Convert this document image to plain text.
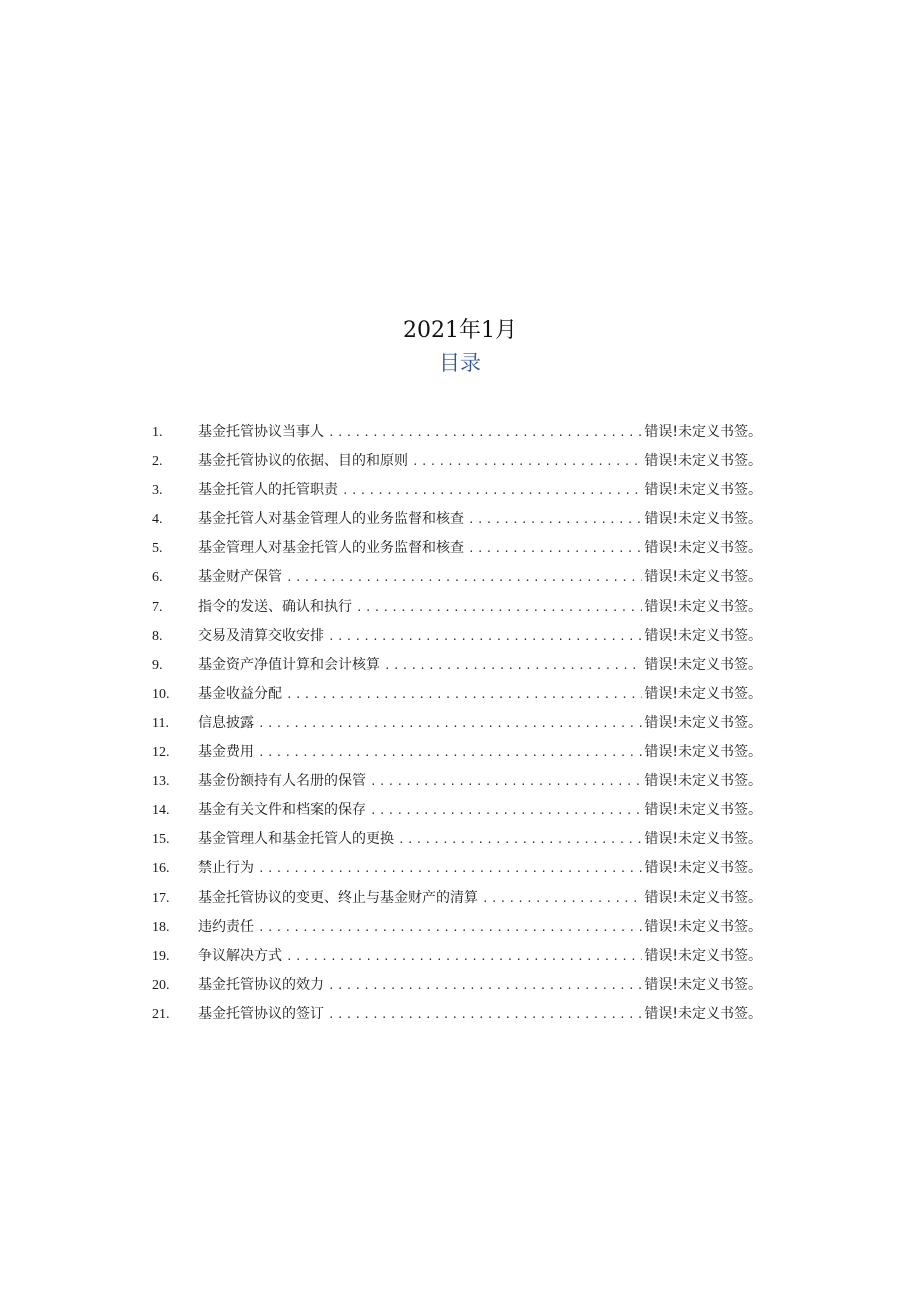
2021年1月
目录
1.	基金托管协议当事人 .....	错误!未定义书签。
2.	基金托管协议的依据、目的和原则 .....	错误!未定义书签。
3.	基金托管人的托管职责 .....	错误!未定义书签。
4.	基金托管人对基金管理人的业务监督和核查 .....	错误!未定义书签。
5.	基金管理人对基金托管人的业务监督和核查 .....	错误!未定义书签。
6.	基金财产保管 .....	错误!未定义书签。
7.	指令的发送、确认和执行 .....	错误!未定义书签。
8.	交易及清算交收安排 .....	错误!未定义书签。
9.	基金资产净值计算和会计核算 .....	错误!未定义书签。
10.	基金收益分配 .....	错误!未定义书签。
11.	信息披露 .....	错误!未定义书签。
12.	基金费用 .....	错误!未定义书签。
13.	基金份额持有人名册的保管 .....	错误!未定义书签。
14.	基金有关文件和档案的保存 .....	错误!未定义书签。
15.	基金管理人和基金托管人的更换 .....	错误!未定义书签。
16.	禁止行为 .....	错误!未定义书签。
17.	基金托管协议的变更、终止与基金财产的清算 .....	错误!未定义书签。
18.	违约责任 .....	错误!未定义书签。
19.	争议解决方式 .....	错误!未定义书签。
20.	基金托管协议的效力 .....	错误!未定义书签。
21.	基金托管协议的签订 .....	错误!未定义书签。
